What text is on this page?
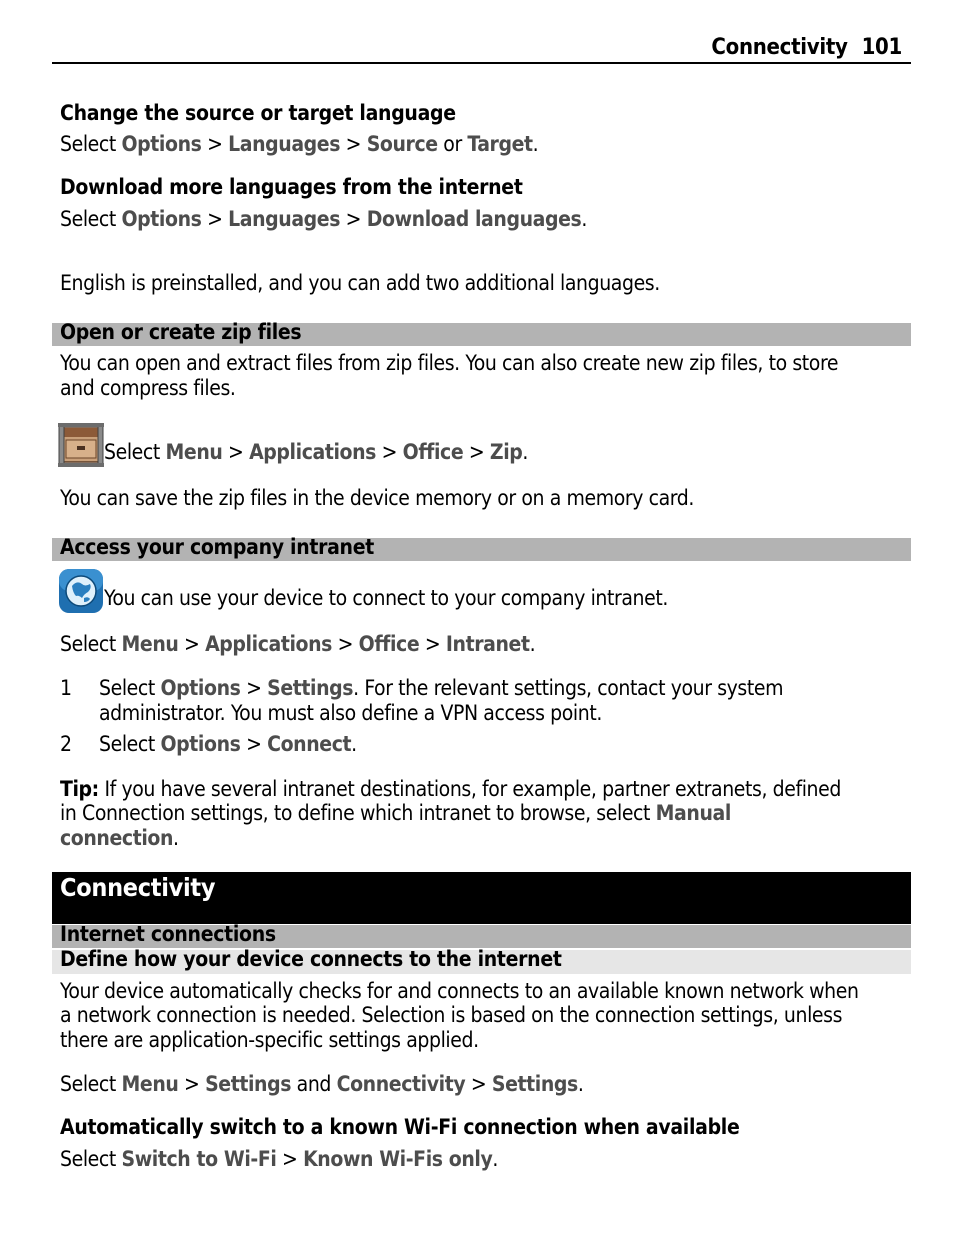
Connectivity 101
Change the source or target language
Select Options > Languages > Source or Target.
Download more languages from the internet
Select Options > Languages > Download languages.
English is preinstalled, and you can add two additional languages.
Open or create zip files
You can open and extract files from zip files. You can also create new zip files, to store
and compress files.
Select Menu > Applications > Office > Zip.
You can save the zip files in the device memory or on a memory card.
Access your company intranet
You can use your device to connect to your company intranet.
Select Menu > Applications > Office > Intranet.
1 Select Options > Settings. For the relevant settings, contact your system
administrator. You must also define a VPN access point.
2 Select Options > Connect.
Tip: If you have several intranet destinations, for example, partner extranets, defined
in Connection settings, to define which intranet to browse, select Manual
connection.
Connectivity
Internet connections
Define how your device connects to the internet
Your device automatically checks for and connects to an available known network when
a network connection is needed. Selection is based on the connection settings, unless
there are application-specific settings applied.
Select Menu > Settings and Connectivity > Settings.
Automatically switch to a known Wi-Fi connection when available
Select Switch to Wi-Fi > Known Wi-Fis only.
